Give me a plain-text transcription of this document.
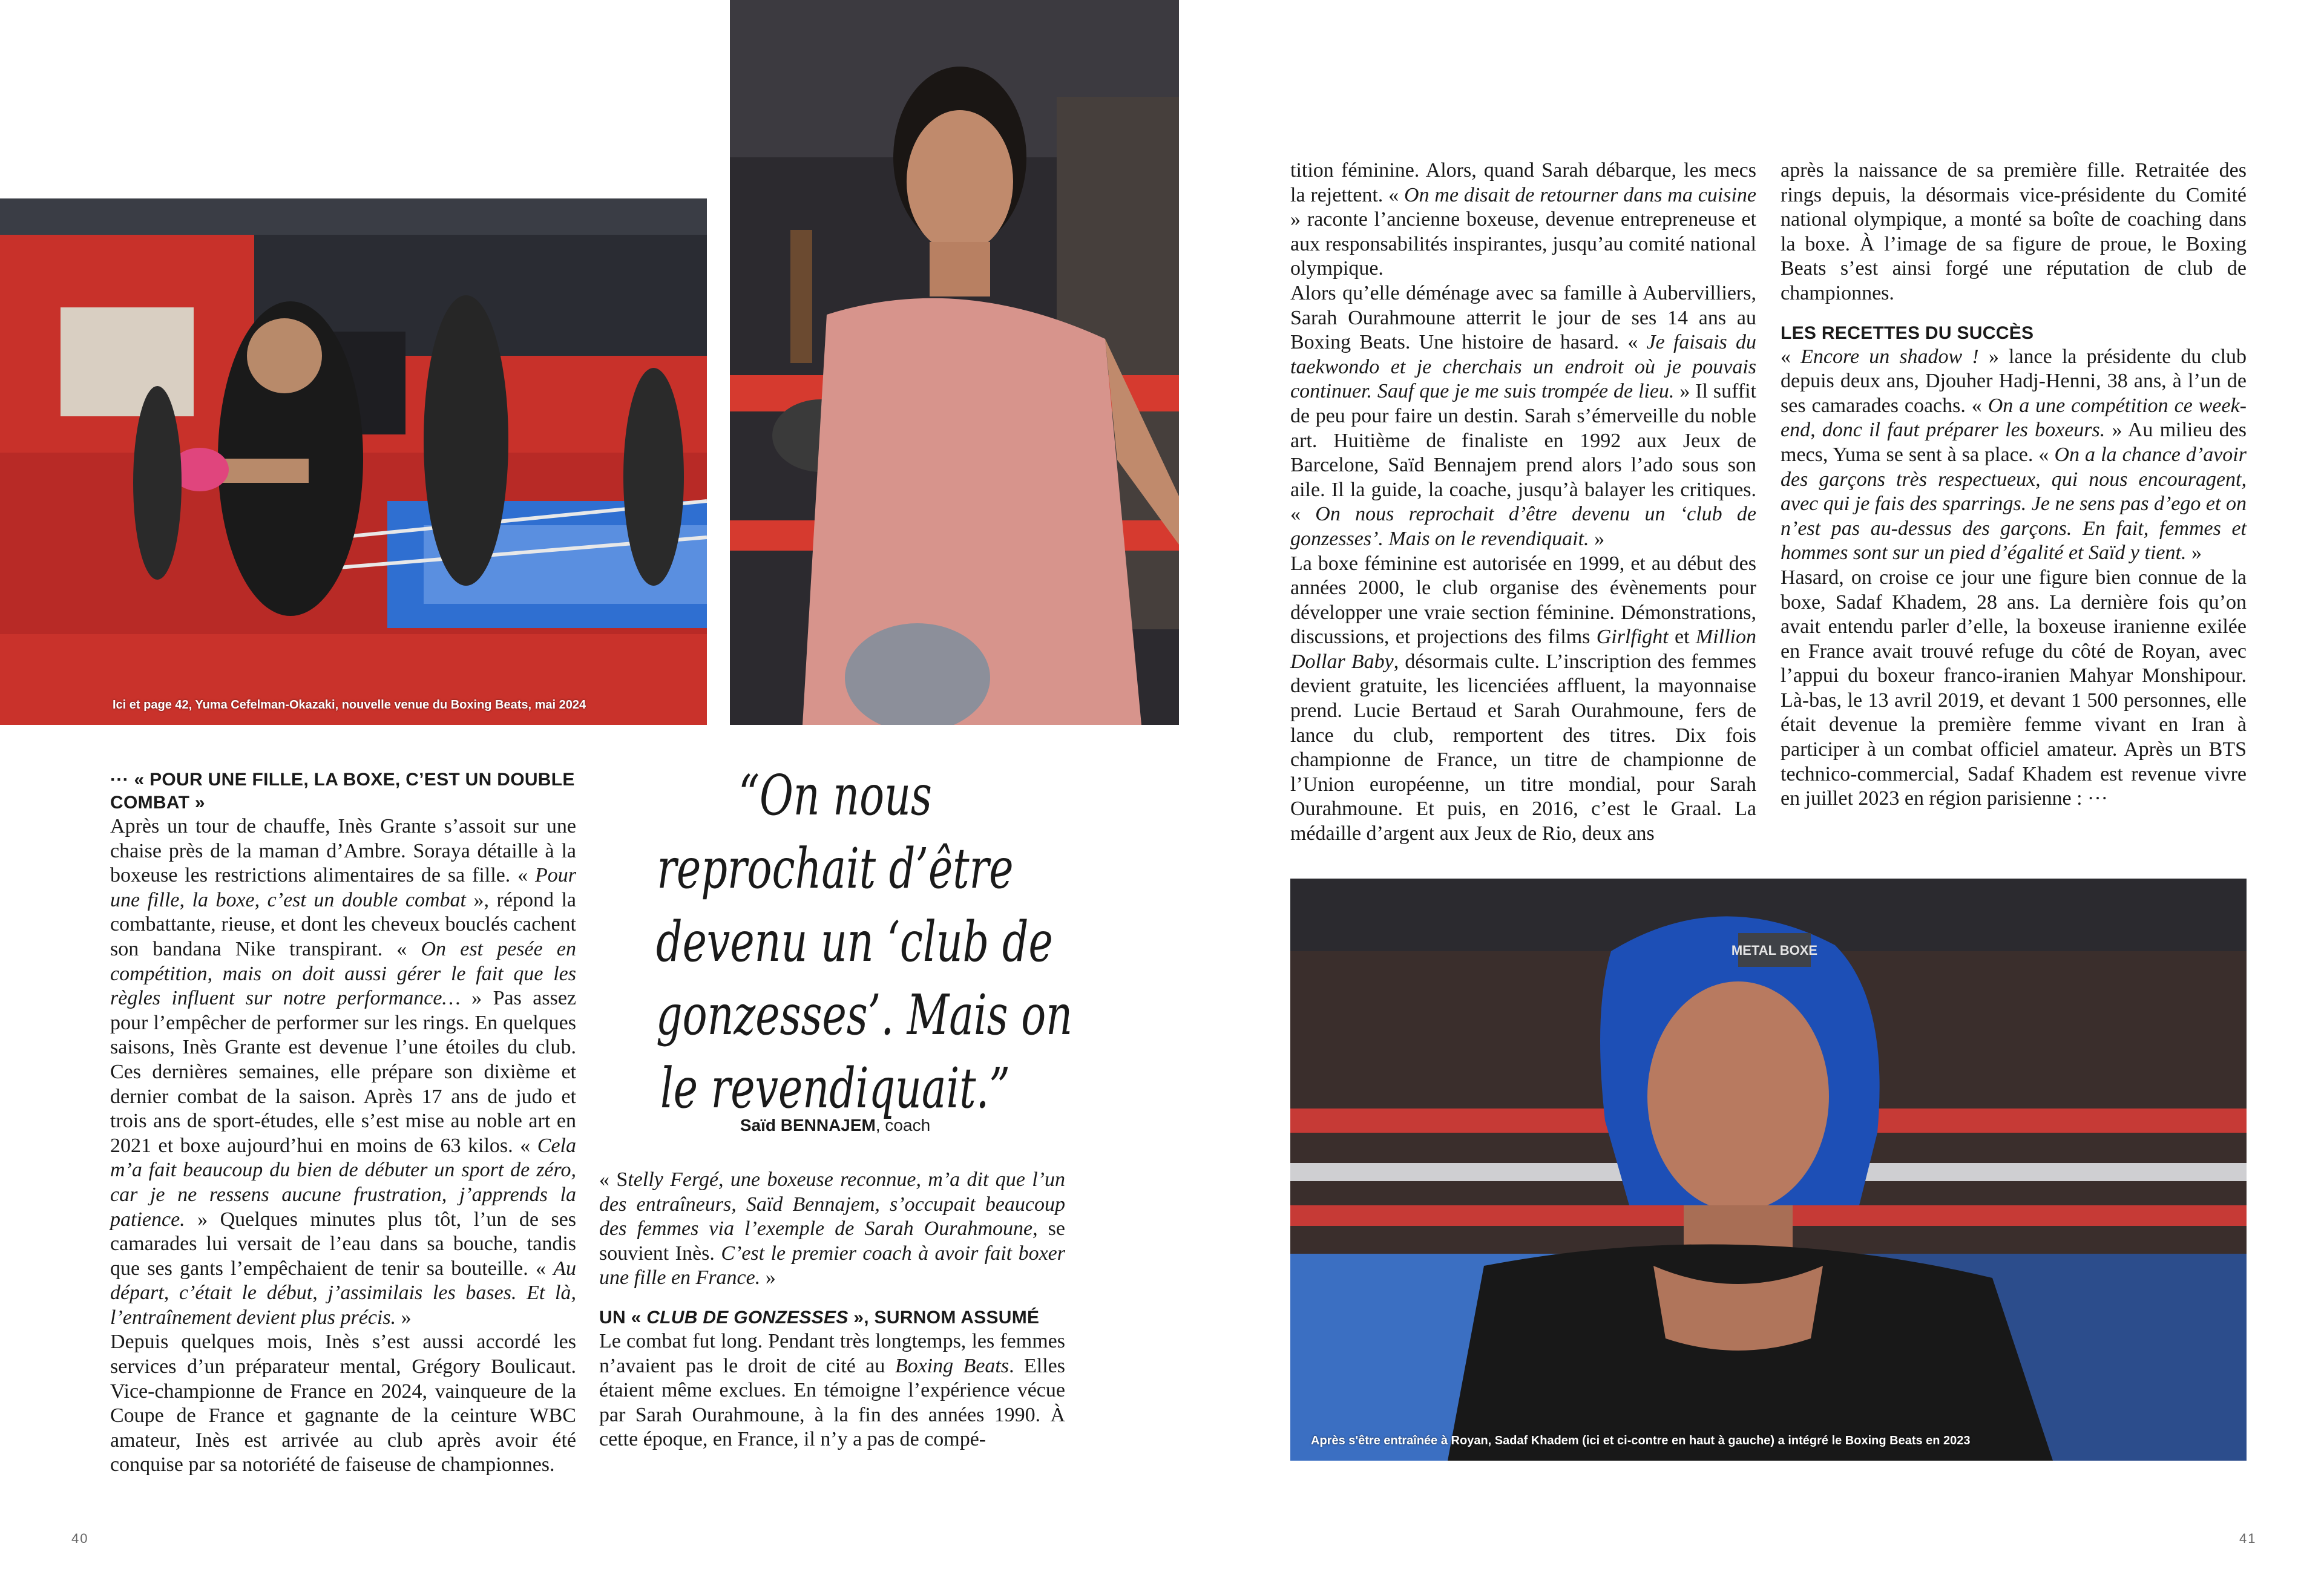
Ici et page 42, Yuma Cefelman-Okazaki, nouvelle venue du Boxing Beats, mai 2024
METAL BOXE
Après s'être entraînée à Royan, Sadaf Khadem (ici et ci-contre en haut à gauche) a intégré le Boxing Beats en 2023

··· « POUR UNE FILLE, LA BOXE, C’EST UN DOUBLE COMBAT »

Après un tour de chauffe, Inès Grante s’assoit sur une chaise près de la maman d’Ambre. Soraya détaille à la boxeuse les restrictions alimentaires de sa fille. « Pour une fille, la boxe, c’est un double combat », répond la combattante, rieuse, et dont les cheveux bouclés cachent son bandana Nike transpirant. « On est pesée en compétition, mais on doit aussi gérer le fait que les règles influent sur notre performance… » Pas assez pour l’empêcher de performer sur les rings. En quelques saisons, Inès Grante est devenue l’une étoiles du club. Ces dernières semaines, elle prépare son dixième et dernier combat de la saison. Après 17 ans de judo et trois ans de sport-études, elle s’est mise au noble art en 2021 et boxe aujourd’hui en moins de 63 kilos. « Cela m’a fait beaucoup du bien de débuter un sport de zéro, car je ne ressens aucune frustration, j’apprends la patience. » Quelques minutes plus tôt, l’un de ses camarades lui versait de l’eau dans sa bouche, tandis que ses gants l’empêchaient de tenir sa bouteille. « Au départ, c’était le début, j’assimilais les bases. Et là, l’entraînement devient plus précis. »

Depuis quelques mois, Inès s’est aussi accordé les services d’un préparateur mental, Grégory Boulicaut. Vice-championne de France en 2024, vainqueure de la Coupe de France et gagnante de la ceinture WBC amateur, Inès est arrivée au club après avoir été conquise par sa notoriété de faiseuse de championnes.

“On nous
reprochait d’être
devenu un ‘club de
gonzesses’. Mais on
le revendiquait.”
Saïd BENNAJEM, coach

« Stelly Fergé, une boxeuse reconnue, m’a dit que l’un des entraîneurs, Saïd Bennajem, s’occupait beaucoup des femmes via l’exemple de Sarah Ourahmoune, se souvient Inès. C’est le premier coach à avoir fait boxer une fille en France. »

UN « CLUB DE GONZESSES », SURNOM ASSUMÉ

Le combat fut long. Pendant très longtemps, les femmes n’avaient pas le droit de cité au Boxing Beats. Elles étaient même exclues. En témoigne l’expérience vécue par Sarah Ourahmoune, à la fin des années 1990. À cette époque, en France, il n’y a pas de compé-

tition féminine. Alors, quand Sarah débarque, les mecs la rejettent. « On me disait de retourner dans ma cuisine » raconte l’ancienne boxeuse, devenue entrepreneuse et aux responsabilités inspirantes, jusqu’au comité national olympique.

Alors qu’elle déménage avec sa famille à Aubervilliers, Sarah Ourahmoune atterrit le jour de ses 14 ans au Boxing Beats. Une histoire de hasard. « Je faisais du taekwondo et je cherchais un endroit où je pouvais continuer. Sauf que je me suis trompée de lieu. » Il suffit de peu pour faire un destin. Sarah s’émerveille du noble art. Huitième de finaliste en 1992 aux Jeux de Barcelone, Saïd Bennajem prend alors l’ado sous son aile. Il la guide, la coache, jusqu’à balayer les critiques. « On nous reprochait d’être devenu un ‘club de gonzesses’. Mais on le revendiquait. »

La boxe féminine est autorisée en 1999, et au début des années 2000, le club organise des évènements pour développer une vraie section féminine. Démonstrations, discussions, et projections des films Girlfight et Million Dollar Baby, désormais culte. L’inscription des femmes devient gratuite, les licenciées affluent, la mayonnaise prend. Lucie Bertaud et Sarah Ourahmoune, fers de lance du club, remportent des titres. Dix fois championne de France, un titre de championne de l’Union européenne, un titre mondial, pour Sarah Ourahmoune. Et puis, en 2016, c’est le Graal. La médaille d’argent aux Jeux de Rio, deux ans

après la naissance de sa première fille. Retraitée des rings depuis, la désormais vice-présidente du Comité national olympique, a monté sa boîte de coaching dans la boxe. À l’image de sa figure de proue, le Boxing Beats s’est ainsi forgé une réputation de club de championnes.

LES RECETTES DU SUCCÈS

« Encore un shadow ! » lance la présidente du club depuis deux ans, Djouher Hadj-Henni, 38 ans, à l’un de ses camarades coachs. « On a une compétition ce week-end, donc il faut préparer les boxeurs. » Au milieu des mecs, Yuma se sent à sa place. « On a la chance d’avoir des garçons très respectueux, qui nous encouragent, avec qui je fais des sparrings. Je ne sens pas d’ego et on n’est pas au-dessus des garçons. En fait, femmes et hommes sont sur un pied d’égalité et Saïd y tient. »

Hasard, on croise ce jour une figure bien connue de la boxe, Sadaf Khadem, 28 ans. La dernière fois qu’on avait entendu parler d’elle, la boxeuse iranienne exilée en France avait trouvé refuge du côté de Royan, avec l’appui du boxeur franco-iranien Mahyar Monshipour. Là-bas, le 13 avril 2019, et devant 1 500 personnes, elle était devenue la première femme vivant en Iran à participer à un combat officiel amateur. Après un BTS technico-commercial, Sadaf Khadem est revenue vivre en juillet 2023 en région parisienne : ···

40	41
